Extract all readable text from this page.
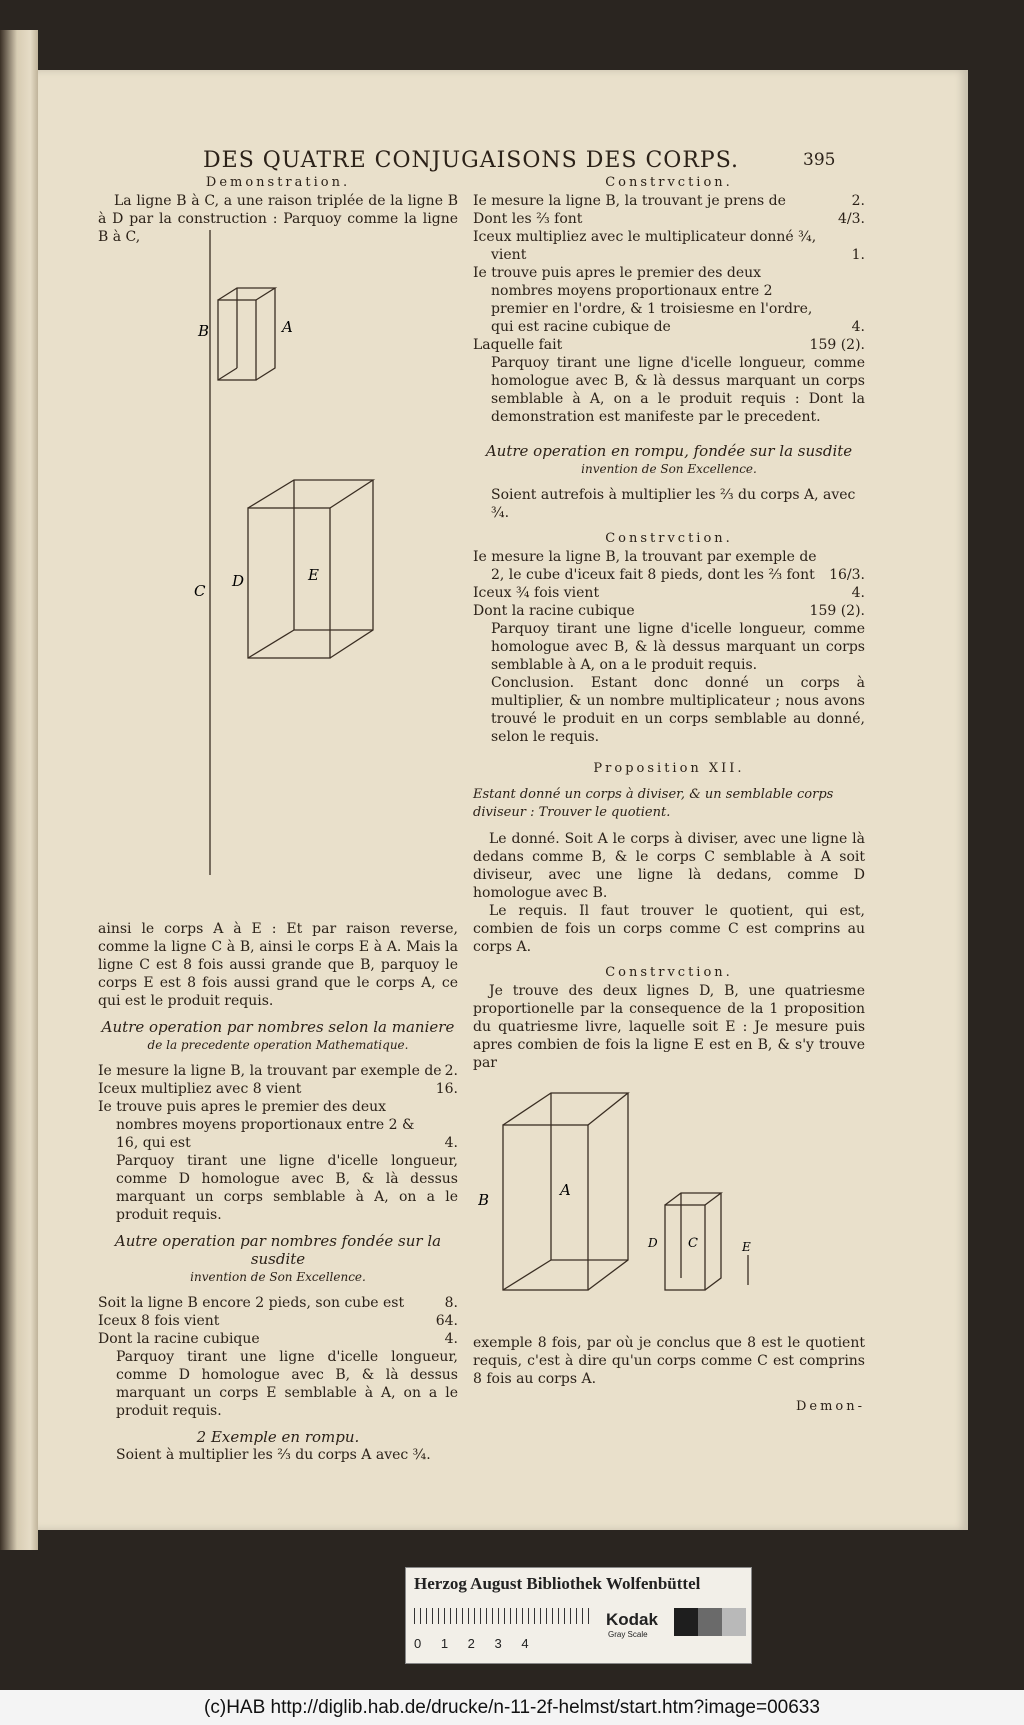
DES QUATRE CONJUGAISONS DES CORPS.	395

Demonstration.

La ligne B à C, a une raison triplée de la ligne B à D par la construction : Parquoy comme la ligne B à C,

B	A
C
D	E

ainsi le corps A à E : Et par raison reverse, comme la ligne C à B, ainsi le corps E à A. Mais la ligne C est 8 fois aussi grande que B, parquoy le corps E est 8 fois aussi grand que le corps A, ce qui est le produit requis.

Autre operation par nombres selon la maniere

de la precedente operation Mathematique.

Ie mesure la ligne B, la trouvant par exemple de 2.
Iceux multipliez avec 8 vient	16.
Ie trouve puis apres le premier des deux nombres moyens proportionaux entre 2 & 16, qui est	4.

Parquoy tirant une ligne d'icelle longueur, comme D homologue avec B, & là dessus marquant un corps semblable à A, on a le produit requis.

Autre operation par nombres fondée sur la susdite

invention de Son Excellence.

Soit la ligne B encore 2 pieds, son cube est	8.
Iceux 8 fois vient	64.
Dont la racine cubique	4.

Parquoy tirant une ligne d'icelle longueur, comme D homologue avec B, & là dessus marquant un corps E semblable à A, on a le produit requis.

2 Exemple en rompu.

Soient à multiplier les ⅔ du corps A avec ¾.

Constrvction.

Ie mesure la ligne B, la trouvant je prens de	2.
Dont les ⅔ font	4/3.
Iceux multipliez avec le multiplicateur donné ¾, vient	1.
Ie trouve puis apres le premier des deux nombres moyens proportionaux entre 2 premier en l'ordre, & 1 troisiesme en l'ordre, qui est racine cubique de	4.
Laquelle fait	159 (2).

Parquoy tirant une ligne d'icelle longueur, comme homologue avec B, & là dessus marquant un corps semblable à A, on a le produit requis : Dont la demonstration est manifeste par le precedent.

Autre operation en rompu, fondée sur la susdite

invention de Son Excellence.

Soient autrefois à multiplier les ⅔ du corps A, avec ¾.

Constrvction.

Ie mesure la ligne B, la trouvant par exemple de 2, le cube d'iceux fait 8 pieds, dont les ⅔ font	16/3.
Iceux ¾ fois vient	4.
Dont la racine cubique	159 (2).

Parquoy tirant une ligne d'icelle longueur, comme homologue avec B, & là dessus marquant un corps semblable à A, on a le produit requis.

Conclusion. Estant donc donné un corps à multiplier, & un nombre multiplicateur ; nous avons trouvé le produit en un corps semblable au donné, selon le requis.

Proposition XII.

Estant donné un corps à diviser, & un semblable corps diviseur : Trouver le quotient.

Le donné. Soit A le corps à diviser, avec une ligne là dedans comme B, & le corps C semblable à A soit diviseur, avec une ligne là dedans, comme D homologue avec B.

Le requis. Il faut trouver le quotient, qui est, combien de fois un corps comme C est comprins au corps A.

Constrvction.

Je trouve des deux lignes D, B, une quatriesme proportionelle par la consequence de la 1 proposition du quatriesme livre, laquelle soit E : Je mesure puis apres combien de fois la ligne E est en B, & s'y trouve par

B
A
D C	E

exemple 8 fois, par où je conclus que 8 est le quotient requis, c'est à dire qu'un corps comme C est comprins 8 fois au corps A.

Demon-

Herzog August Bibliothek Wolfenbüttel
0 1 2 3 4
Kodak
Gray Scale
(c)HAB http://diglib.hab.de/drucke/n-11-2f-helmst/start.htm?image=00633
